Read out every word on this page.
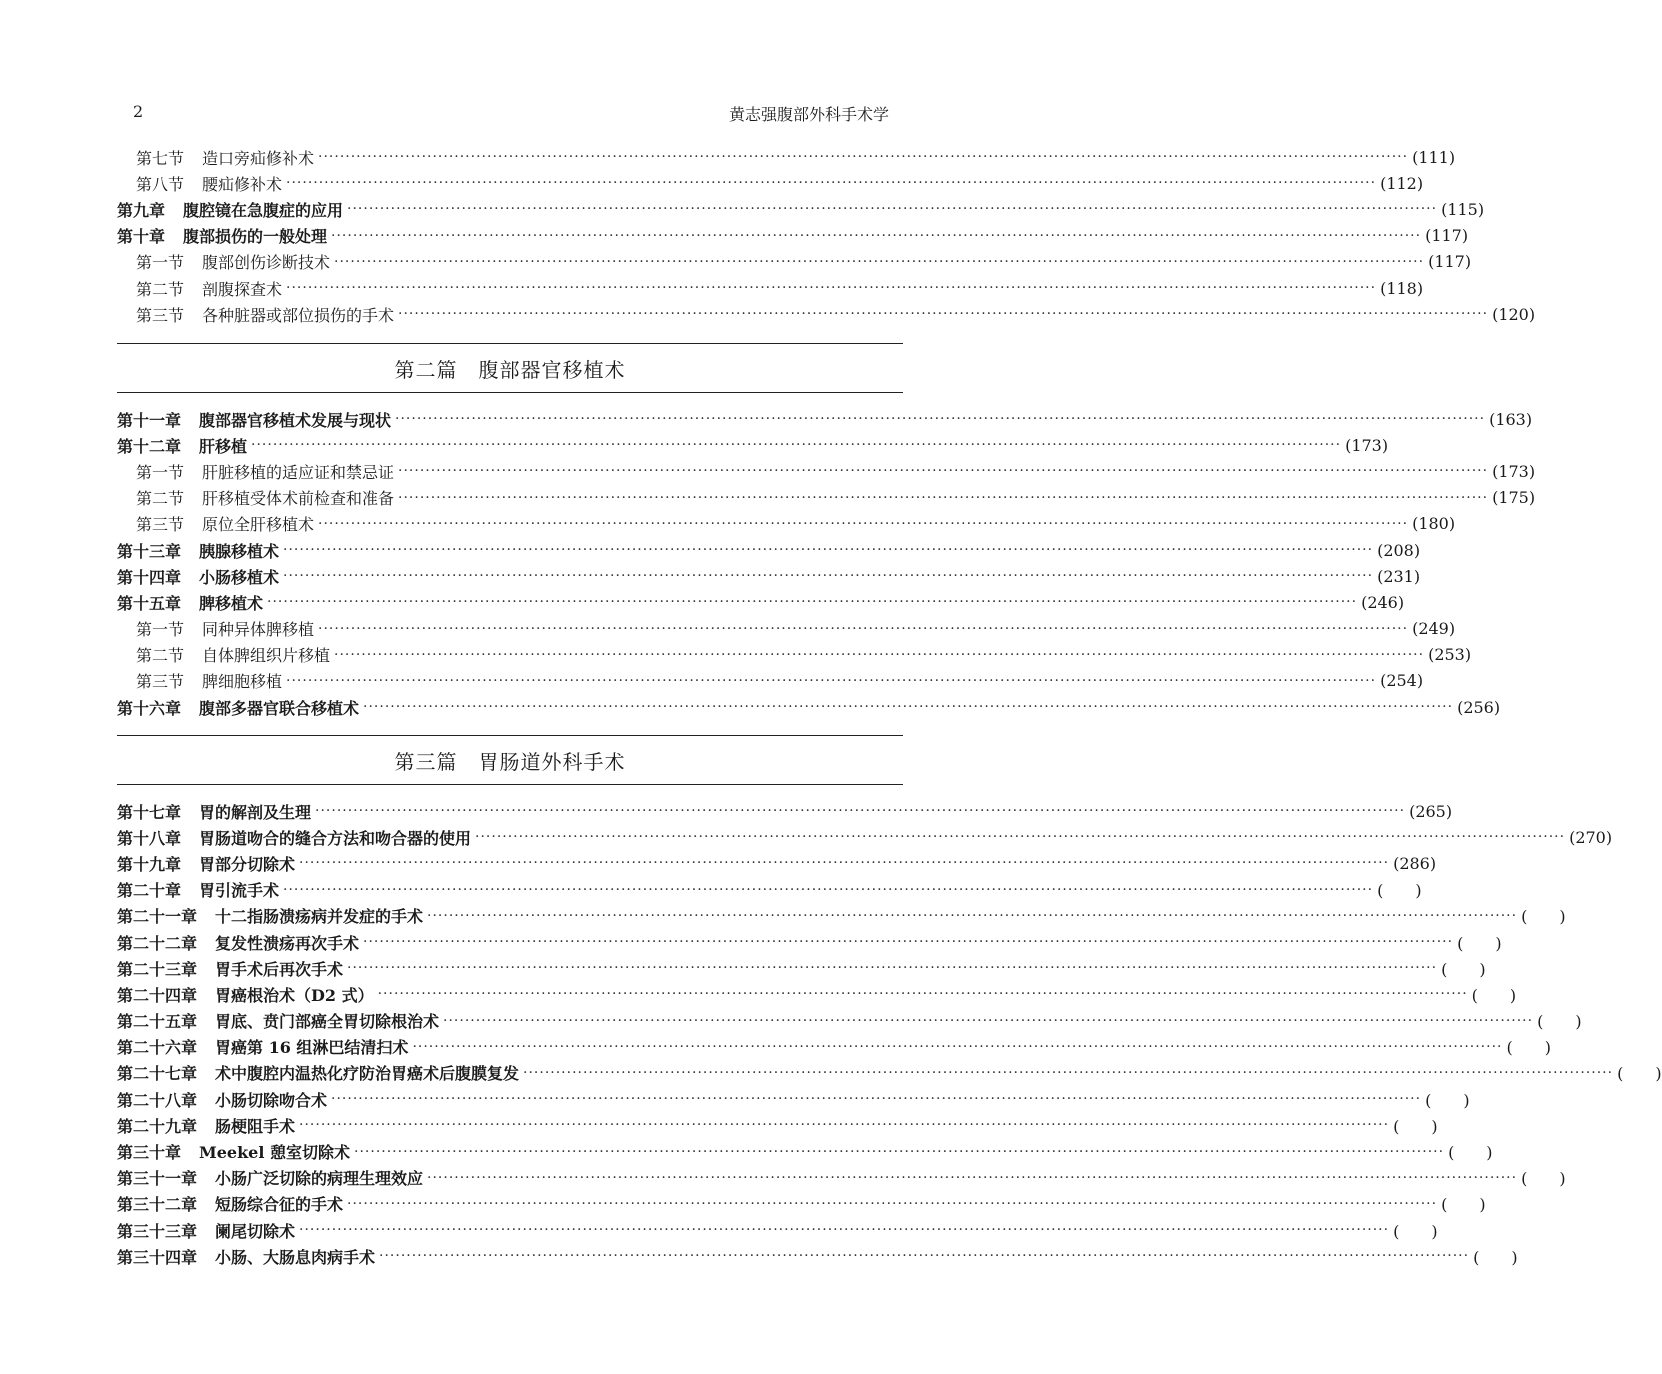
2	黄志强腹部外科手术学
第七节 造口旁疝修补术 ········································································································································································································ (111)
第八节 腰疝修补术 ········································································································································································································ (112)
第九章 腹腔镜在急腹症的应用 ········································································································································································································ (115)
第十章 腹部损伤的一般处理 ········································································································································································································ (117)
第一节 腹部创伤诊断技术 ········································································································································································································ (117)
第二节 剖腹探查术 ········································································································································································································ (118)
第三节 各种脏器或部位损伤的手术 ········································································································································································································ (120)
第二篇　腹部器官移植术
第十一章 腹部器官移植术发展与现状 ········································································································································································································ (163)
第十二章 肝移植 ········································································································································································································ (173)
第一节 肝脏移植的适应证和禁忌证 ········································································································································································································ (173)
第二节 肝移植受体术前检查和准备 ········································································································································································································ (175)
第三节 原位全肝移植术 ········································································································································································································ (180)
第十三章 胰腺移植术 ········································································································································································································ (208)
第十四章 小肠移植术 ········································································································································································································ (231)
第十五章 脾移植术 ········································································································································································································ (246)
第一节 同种异体脾移植 ········································································································································································································ (249)
第二节 自体脾组织片移植 ········································································································································································································ (253)
第三节 脾细胞移植 ········································································································································································································ (254)
第十六章 腹部多器官联合移植术 ········································································································································································································ (256)
第三篇　胃肠道外科手术
第十七章 胃的解剖及生理 ········································································································································································································ (265)
第十八章 胃肠道吻合的缝合方法和吻合器的使用 ········································································································································································································ (270)
第十九章 胃部分切除术 ········································································································································································································ (286)
第二十章 胃引流手术 ········································································································································································································ (　　)
第二十一章 十二指肠溃疡病并发症的手术 ········································································································································································································ (　　)
第二十二章 复发性溃疡再次手术 ········································································································································································································ (　　)
第二十三章 胃手术后再次手术 ········································································································································································································ (　　)
第二十四章 胃癌根治术（D2 式） ········································································································································································································ (　　)
第二十五章 胃底、贲门部癌全胃切除根治术 ········································································································································································································ (　　)
第二十六章 胃癌第 16 组淋巴结清扫术 ········································································································································································································ (　　)
第二十七章 术中腹腔内温热化疗防治胃癌术后腹膜复发 ········································································································································································································ (　　)
第二十八章 小肠切除吻合术 ········································································································································································································ (　　)
第二十九章 肠梗阻手术 ········································································································································································································ (　　)
第三十章 Meekel 憩室切除术 ········································································································································································································ (　　)
第三十一章 小肠广泛切除的病理生理效应 ········································································································································································································ (　　)
第三十二章 短肠综合征的手术 ········································································································································································································ (　　)
第三十三章 阑尾切除术 ········································································································································································································ (　　)
第三十四章 小肠、大肠息肉病手术 ········································································································································································································ (　　)
